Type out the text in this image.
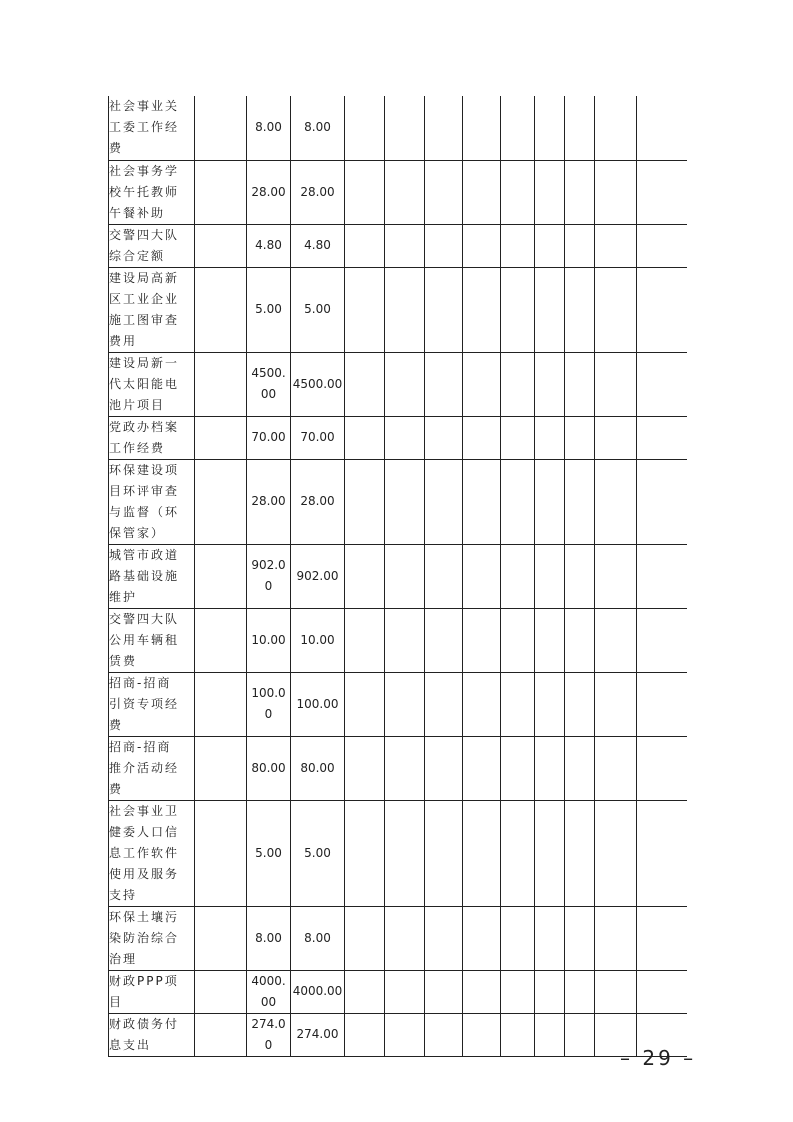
社会事业关工委工作经费		8.00	8.00									

社会事务学校午托教师午餐补助		28.00	28.00									

交警四大队综合定额		4.80	4.80									

建设局高新区工业企业施工图审查费用		5.00	5.00									

建设局新一代太阳能电池片项目		4500.00	4500.00									

党政办档案工作经费		70.00	70.00									

环保建设项目环评审查与监督（环保管家）		28.00	28.00									

城管市政道路基础设施维护		902.00	902.00									

交警四大队公用车辆租赁费		10.00	10.00									

招商-招商引资专项经费		100.00	100.00									

招商-招商推介活动经费		80.00	80.00									

社会事业卫健委人口信息工作软件使用及服务支持		5.00	5.00									

环保土壤污染防治综合治理		8.00	8.00									

财政PPP项目		4000.00	4000.00									

财政债务付息支出		274.00	274.00									
– 29 –
